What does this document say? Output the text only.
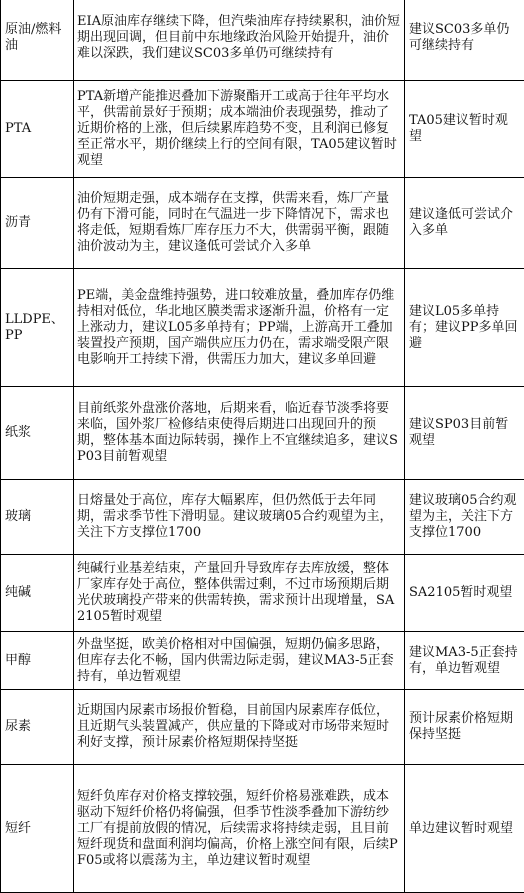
原油/燃料油	EIA原油库存继续下降，但汽柴油库存持续累积，油价短期出现回调，但目前中东地缘政治风险开始提升，油价难以深跌，我们建议SC03多单仍可继续持有	建议SC03多单仍可继续持有
PTA	PTA新增产能推迟叠加下游聚酯开工或高于往年平均水平，供需前景好于预期；成本端油价表现强势，推动了近期价格的上涨，但后续累库趋势不变，且利润已修复至正常水平，期价继续上行的空间有限，TA05建议暂时观望	TA05建议暂时观望
沥青	油价短期走强，成本端存在支撑，供需来看，炼厂产量仍有下滑可能，同时在气温进一步下降情况下，需求也将走低，短期看炼厂库存压力不大，供需弱平衡，跟随油价波动为主，建议逢低可尝试介入多单	建议逢低可尝试介入多单
LLDPE、PP	PE端，美金盘维持强势，进口较难放量，叠加库存仍维持相对低位，华北地区膜类需求逐渐升温，价格有一定上涨动力，建议L05多单持有；PP端，上游高开工叠加装置投产预期，国产端供应压力仍在，需求端受限产限电影响开工持续下滑，供需压力加大，建议多单回避	建议L05多单持有；建议PP多单回避
纸浆	目前纸浆外盘涨价落地，后期来看，临近春节淡季将要来临，国外浆厂检修结束使得后期进口出现回升的预期，整体基本面边际转弱，操作上不宜继续追多，建议SP03目前暂观望	建议SP03目前暂观望
玻璃	日熔量处于高位，库存大幅累库，但仍然低于去年同期，需求季节性下滑明显。建议玻璃05合约观望为主，关注下方支撑位1700	建议玻璃05合约观望为主，关注下方支撑位1700
纯碱	纯碱行业基差结束，产量回升导致库存去库放缓，整体厂家库存处于高位，整体供需过剩，不过市场预期后期光伏玻璃投产带来的供需转换，需求预计出现增量，SA2105暂时观望	SA2105暂时观望
甲醇	外盘坚挺，欧美价格相对中国偏强，短期仍偏多思路，但库存去化不畅，国内供需边际走弱，建议MA3-5正套持有，单边暂观望	建议MA3-5正套持有，单边暂观望
尿素	近期国内尿素市场报价暂稳，目前国内尿素库存低位，且近期气头装置减产，供应量的下降或对市场带来短时利好支撑，预计尿素价格短期保持坚挺	预计尿素价格短期保持坚挺
短纤	短纤负库存对价格支撑较强，短纤价格易涨难跌，成本驱动下短纤价格仍将偏强，但季节性淡季叠加下游纺纱工厂有提前放假的情况，后续需求将持续走弱，且目前短纤现货和盘面利润均偏高，价格上涨空间有限，后续PF05或将以震荡为主，单边建议暂时观望	单边建议暂时观望
